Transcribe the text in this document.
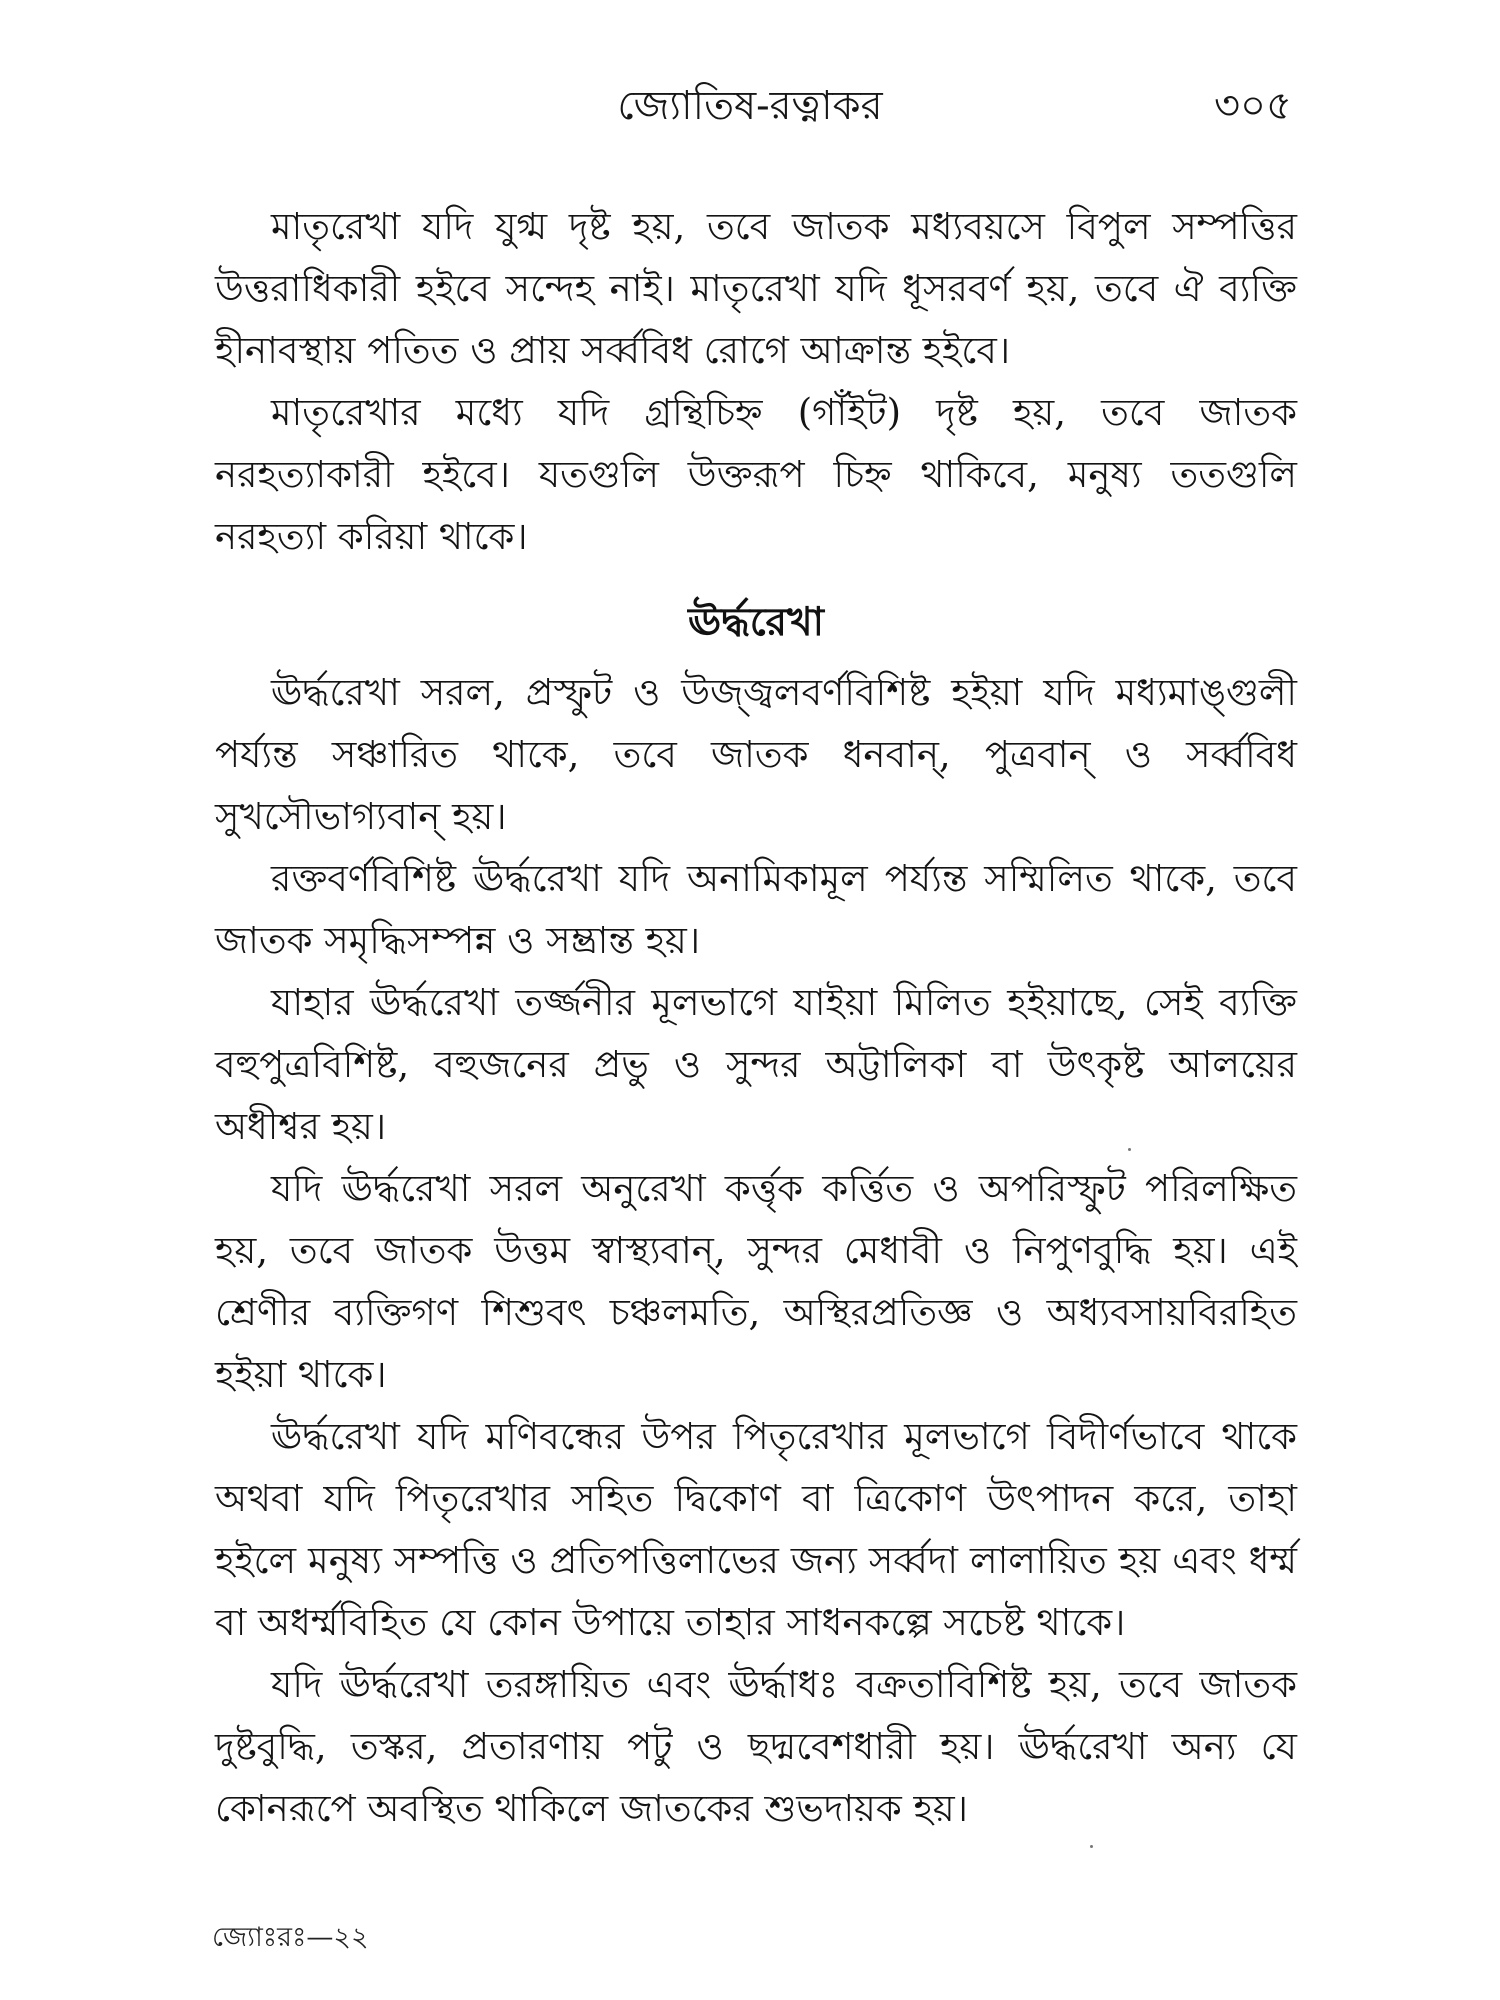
জ্যোতিষ-রত্নাকর	৩০৫

মাতৃরেখা যদি যুগ্ম দৃষ্ট হয়, তবে জাতক মধ্যবয়সে বিপুল সম্পত্তির উত্তরাধিকারী হইবে সন্দেহ নাই। মাতৃরেখা যদি ধূসরবর্ণ হয়, তবে ঐ ব্যক্তি হীনাবস্থায় পতিত ও প্রায় সর্ব্ববিধ রোগে আক্রান্ত হইবে।

মাতৃরেখার মধ্যে যদি গ্রন্থিচিহ্ন (গাঁইট) দৃষ্ট হয়, তবে জাতক নরহত্যাকারী হইবে। যতগুলি উক্তরূপ চিহ্ন থাকিবে, মনুষ্য ততগুলি নরহত্যা করিয়া থাকে।

ঊর্দ্ধরেখা

ঊর্দ্ধরেখা সরল, প্রস্ফুট ও উজ্জ্বলবর্ণবিশিষ্ট হইয়া যদি মধ্যমাঙ্গুলী পর্য্যন্ত সঞ্চারিত থাকে, তবে জাতক ধনবান্, পুত্রবান্ ও সর্ব্ববিধ সুখসৌভাগ্যবান্ হয়।

রক্তবর্ণবিশিষ্ট ঊর্দ্ধরেখা যদি অনামিকামূল পর্য্যন্ত সম্মিলিত থাকে, তবে জাতক সমৃদ্ধিসম্পন্ন ও সম্ভ্রান্ত হয়।

যাহার ঊর্দ্ধরেখা তর্জ্জনীর মূলভাগে যাইয়া মিলিত হইয়াছে, সেই ব্যক্তি বহুপুত্রবিশিষ্ট, বহুজনের প্রভু ও সুন্দর অট্টালিকা বা উৎকৃষ্ট আলয়ের অধীশ্বর হয়।

যদি ঊর্দ্ধরেখা সরল অনুরেখা কর্ত্তৃক কর্ত্তিত ও অপরিস্ফুট পরিলক্ষিত হয়, তবে জাতক উত্তম স্বাস্থ্যবান্, সুন্দর মেধাবী ও নিপুণবুদ্ধি হয়। এই শ্রেণীর ব্যক্তিগণ শিশুবৎ চঞ্চলমতি, অস্থিরপ্রতিজ্ঞ ও অধ্যবসায়বিরহিত হইয়া থাকে।

ঊর্দ্ধরেখা যদি মণিবন্ধের উপর পিতৃরেখার মূলভাগে বিদীর্ণভাবে থাকে অথবা যদি পিতৃরেখার সহিত দ্বিকোণ বা ত্রিকোণ উৎপাদন করে, তাহা হইলে মনুষ্য সম্পত্তি ও প্রতিপত্তিলাভের জন্য সর্ব্বদা লালায়িত হয় এবং ধর্ম্ম বা অধর্ম্মবিহিত যে কোন উপায়ে তাহার সাধনকল্পে সচেষ্ট থাকে।

যদি ঊর্দ্ধরেখা তরঙ্গায়িত এবং ঊর্দ্ধাধঃ বক্রতাবিশিষ্ট হয়, তবে জাতক দুষ্টবুদ্ধি, তস্কর, প্রতারণায় পটু ও ছদ্মবেশধারী হয়। ঊর্দ্ধরেখা অন্য যে কোনরূপে অবস্থিত থাকিলে জাতকের শুভদায়ক হয়।

জ্যোঃরঃ—২২
